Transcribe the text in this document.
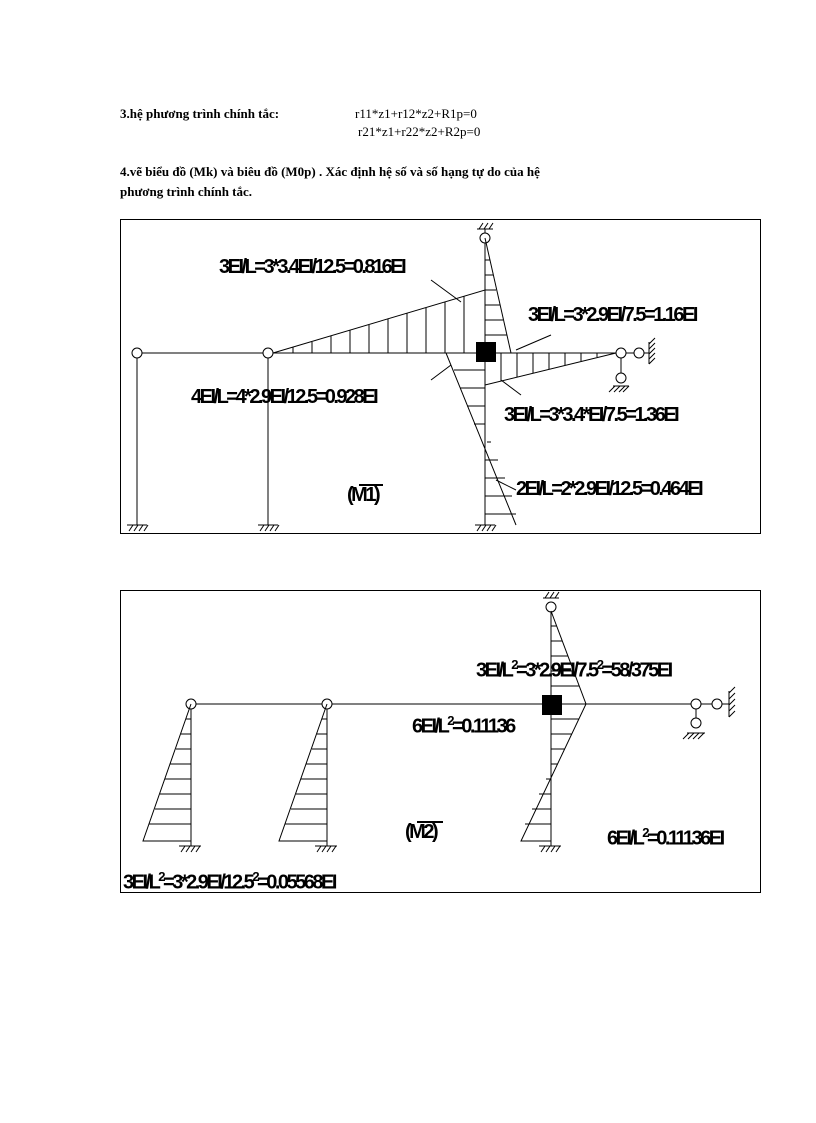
3.hệ phương trình chính tắc:	r11*z1+r12*z2+R1p=0
r21*z1+r22*z2+R2p=0
4.vẽ biểu đồ (Mk) và biêu đồ (M0p) . Xác định hệ số và số hạng tự do của hệ
phương trình chính tắc.
3EI/L=3*3.4EI/12.5=0.816EI
3EI/L=3*2.9EI/7.5=1.16EI
4EI/L=4*2.9EI/12.5=0.928EI
3EI/L=3*3.4*EI/7.5=1.36EI
2EI/L=2*2.9EI/12.5=0.464EI
(M1)
$3EI/L^2=3*2.9EI/7.5^2=58/375EI$
$6EI/L^2=0.11136$
$6EI/L^2=0.11136EI$
$3EI/L^2=3*2.9EI/12.5^2=0.05568EI$
(M2)
